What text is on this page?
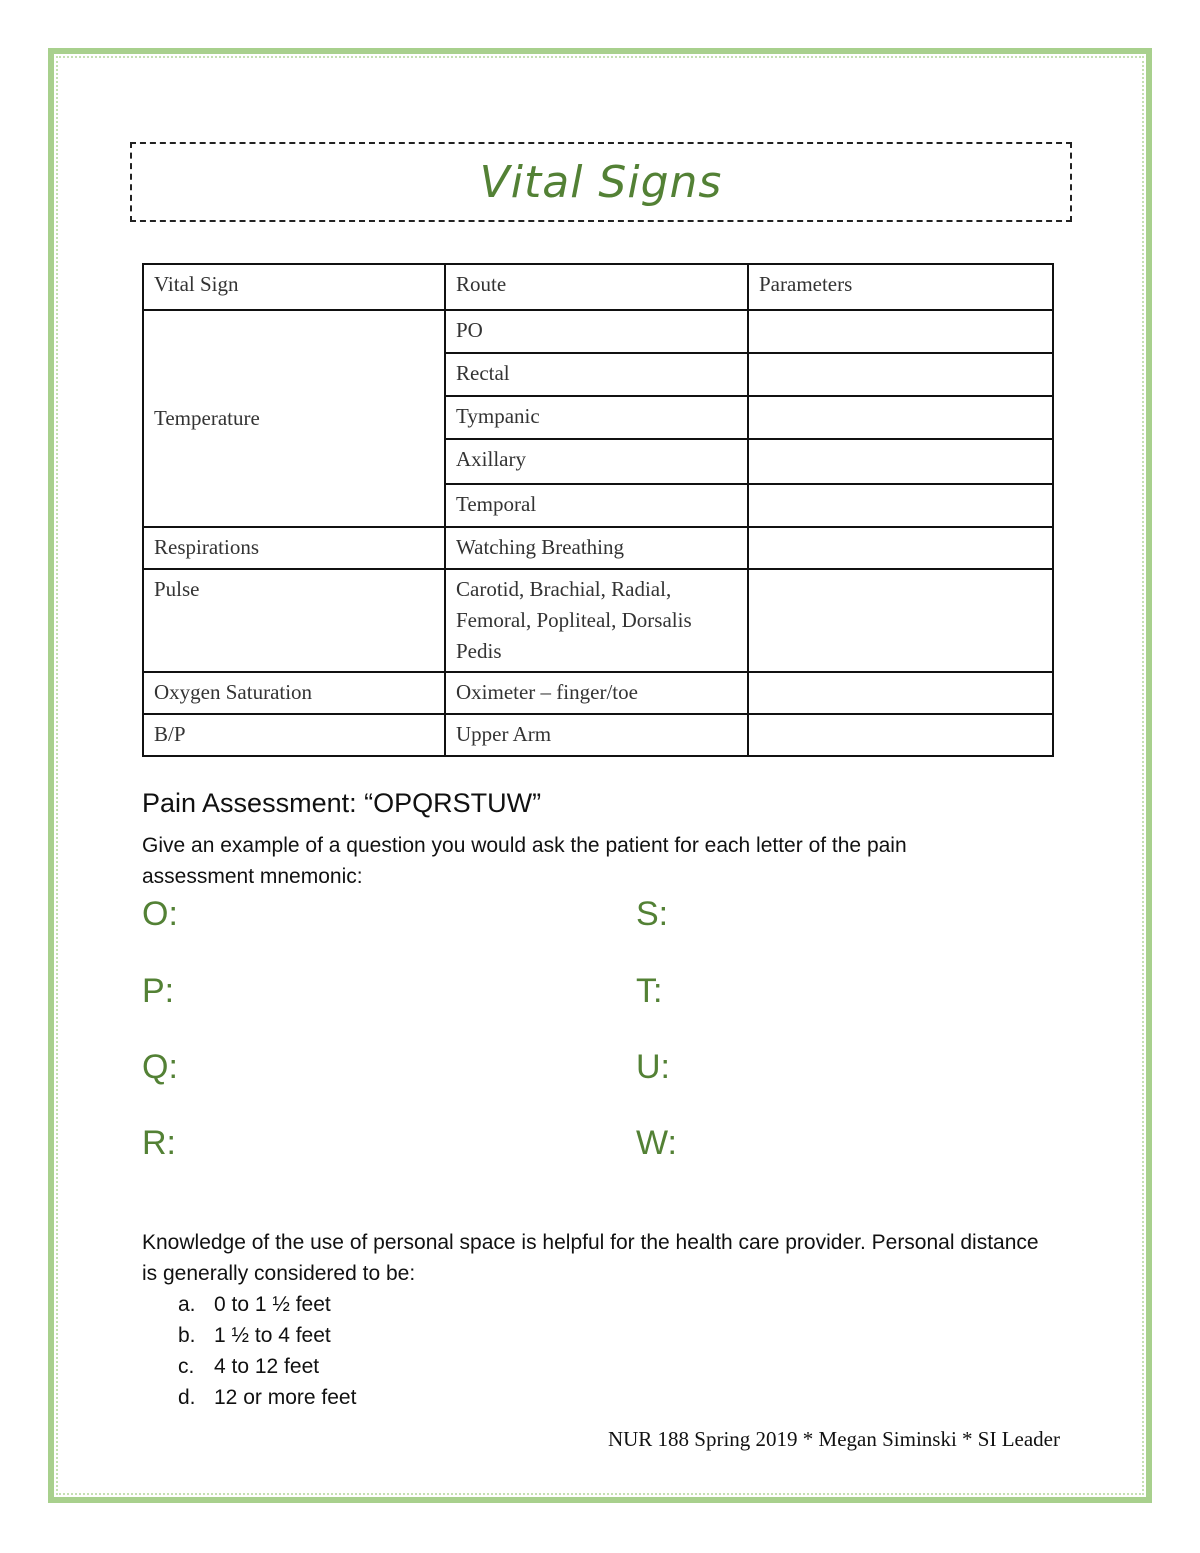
Vital Signs
Vital Sign	Route	Parameters
Temperature	PO	
	Rectal	
	Tympanic	
	Axillary	
	Temporal	
Respirations	Watching Breathing	
Pulse	Carotid, Brachial, Radial, Femoral, Popliteal, Dorsalis Pedis	
Oxygen Saturation	Oximeter – finger/toe	
B/P	Upper Arm	
Pain Assessment: “OPQRSTUW”
Give an example of a question you would ask the patient for each letter of the pain assessment mnemonic:
O:
P:
Q:
R:
S:
T:
U:
W:
Knowledge of the use of personal space is helpful for the health care provider. Personal distance is generally considered to be:
a. 0 to 1 ½ feet
b. 1 ½ to 4 feet
c. 4 to 12 feet
d. 12 or more feet
NUR 188 Spring 2019 * Megan Siminski * SI Leader
